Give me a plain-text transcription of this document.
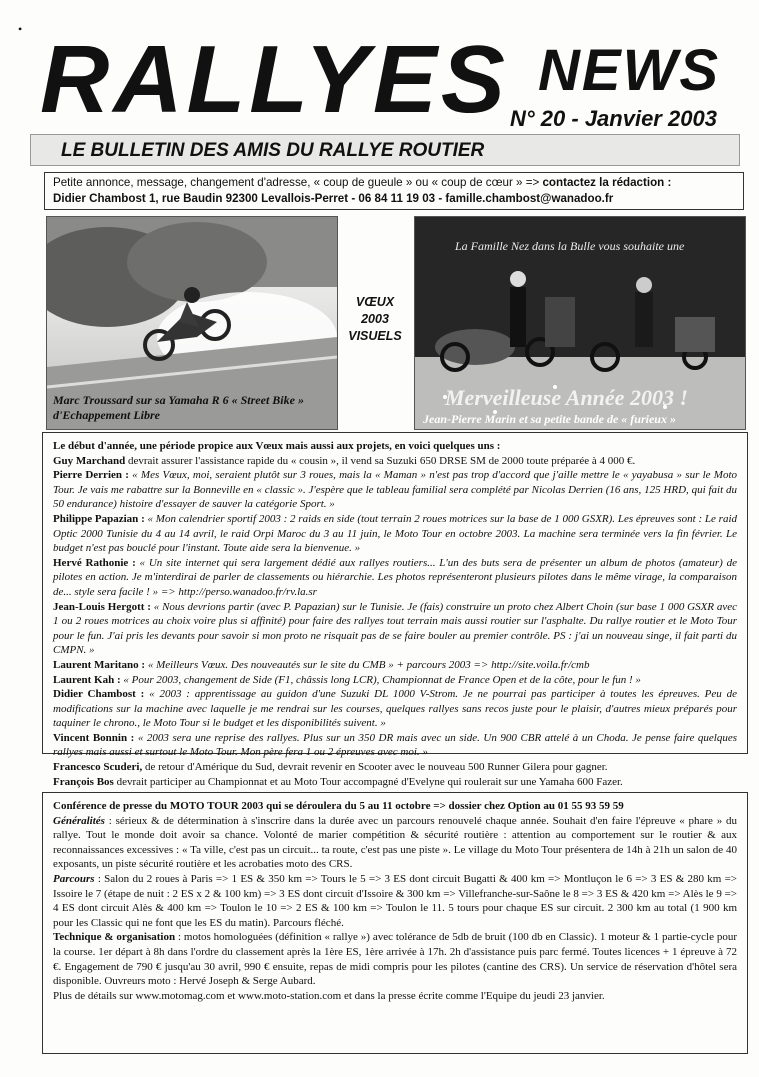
• RALLYES NEWS
N° 20 - Janvier 2003
LE BULLETIN DES AMIS DU RALLYE ROUTIER
Petite annonce, message, changement d'adresse, « coup de gueule » ou « coup de cœur » => contactez la rédaction :
Didier Chambost 1, rue Baudin 92300 Levallois-Perret - 06 84 11 19 03 - famille.chambost@wanadoo.fr
Marc Troussard sur sa Yamaha R 6 « Street Bike » d'Echappement Libre
VŒUX
2003
VISUELS
La Famille Nez dans la Bulle vous souhaite une
Merveilleuse Année 2003 !
Jean-Pierre Marin et sa petite bande de « furieux »

Le début d'année, une période propice aux Vœux mais aussi aux projets, en voici quelques uns :

Guy Marchand devrait assurer l'assistance rapide du « cousin », il vend sa Suzuki 650 DRSE SM de 2000 toute préparée à 4 000 €.

Pierre Derrien : « Mes Vœux, moi, seraient plutôt sur 3 roues, mais la « Maman » n'est pas trop d'accord que j'aille mettre le « yayabusa » sur le Moto Tour. Je vais me rabattre sur la Bonneville en « classic ». J'espère que le tableau familial sera complété par Nicolas Derrien (16 ans, 125 HRD, qui fait du 50 endurance) histoire d'essayer de sauver la catégorie Sport. »

Philippe Papazian : « Mon calendrier sportif 2003 : 2 raids en side (tout terrain 2 roues motrices sur la base de 1 000 GSXR). Les épreuves sont : Le raid Optic 2000 Tunisie du 4 au 14 avril, le raid Orpi Maroc du 3 au 11 juin, le Moto Tour en octobre 2003. La machine sera terminée vers la fin février. Le budget n'est pas bouclé pour l'instant. Toute aide sera la bienvenue. »

Hervé Rathonie : « Un site internet qui sera largement dédié aux rallyes routiers... L'un des buts sera de présenter un album de photos (amateur) de pilotes en action. Je m'interdirai de parler de classements ou hiérarchie. Les photos représenteront plusieurs pilotes dans le même virage, la comparaison de... style sera facile ! » => http://perso.wanadoo.fr/rv.la.sr

Jean-Louis Hergott : « Nous devrions partir (avec P. Papazian) sur le Tunisie. Je (fais) construire un proto chez Albert Choin (sur base 1 000 GSXR avec 1 ou 2 roues motrices au choix voire plus si affinité) pour faire des rallyes tout terrain mais aussi routier sur l'asphalte. Du rallye routier et le Moto Tour pour le fun. J'ai pris les devants pour savoir si mon proto ne risquait pas de se faire bouler au premier contrôle. PS : j'ai un nouveau singe, il fait parti du CMPN. »

Laurent Maritano : « Meilleurs Vœux. Des nouveautés sur le site du CMB » + parcours 2003 => http://site.voila.fr/cmb

Laurent Kah : « Pour 2003, changement de Side (F1, châssis long LCR), Championnat de France Open et de la côte, pour le fun ! »

Didier Chambost : « 2003 : apprentissage au guidon d'une Suzuki DL 1000 V-Strom. Je ne pourrai pas participer à toutes les épreuves. Peu de modifications sur la machine avec laquelle je me rendrai sur les courses, quelques rallyes sans recos juste pour le plaisir, d'autres mieux préparés pour taquiner le chrono., le Moto Tour si le budget et les disponibilités suivent. »

Vincent Bonnin : « 2003 sera une reprise des rallyes. Plus sur un 350 DR mais avec un side. Un 900 CBR attelé à un Choda. Je pense faire quelques rallyes mais aussi et surtout le Moto Tour. Mon père fera 1 ou 2 épreuves avec moi. »

Francesco Scuderi, de retour d'Amérique du Sud, devrait revenir en Scooter avec le nouveau 500 Runner Gilera pour gagner.

François Bos devrait participer au Championnat et au Moto Tour accompagné d'Evelyne qui roulerait sur une Yamaha 600 Fazer.

Conférence de presse du MOTO TOUR 2003 qui se déroulera du 5 au 11 octobre => dossier chez Option au 01 55 93 59 59

Généralités : sérieux & de détermination à s'inscrire dans la durée avec un parcours renouvelé chaque année. Souhait d'en faire l'épreuve « phare » du rallye. Tout le monde doit avoir sa chance. Volonté de marier compétition & sécurité routière : attention au comportement sur le routier & aux reconnaissances excessives : « Ta ville, c'est pas un circuit... ta route, c'est pas une piste ». Le village du Moto Tour présentera de 14h à 21h un salon de 40 exposants, un piste sécurité routière et les acrobaties moto des CRS.

Parcours : Salon du 2 roues à Paris => 1 ES & 350 km => Tours le 5 => 3 ES dont circuit Bugatti & 400 km => Montluçon le 6 => 3 ES & 280 km => Issoire le 7 (étape de nuit : 2 ES x 2 & 100 km) => 3 ES dont circuit d'Issoire & 300 km => Villefranche-sur-Saône le 8 => 3 ES & 420 km => Alès le 9 => 4 ES dont circuit Alès & 400 km => Toulon le 10 => 2 ES & 100 km => Toulon le 11. 5 tours pour chaque ES sur circuit. 2 300 km au total (1 900 km pour les Classic qui ne font que les ES du matin). Parcours fléché.

Technique & organisation : motos homologuées (définition « rallye ») avec tolérance de 5db de bruit (100 db en Classic). 1 moteur & 1 partie-cycle pour la course. 1er départ à 8h dans l'ordre du classement après la 1ère ES, 1ère arrivée à 17h. 2h d'assistance puis parc fermé. Toutes licences + 1 épreuve à 72 €. Engagement de 790 € jusqu'au 30 avril, 990 € ensuite, repas de midi compris pour les pilotes (cantine des CRS). Un service de réservation d'hôtel sera disponible. Ouvreurs moto : Hervé Joseph & Serge Aubard.

Plus de détails sur www.motomag.com et www.moto-station.com et dans la presse écrite comme l'Equipe du jeudi 23 janvier.
